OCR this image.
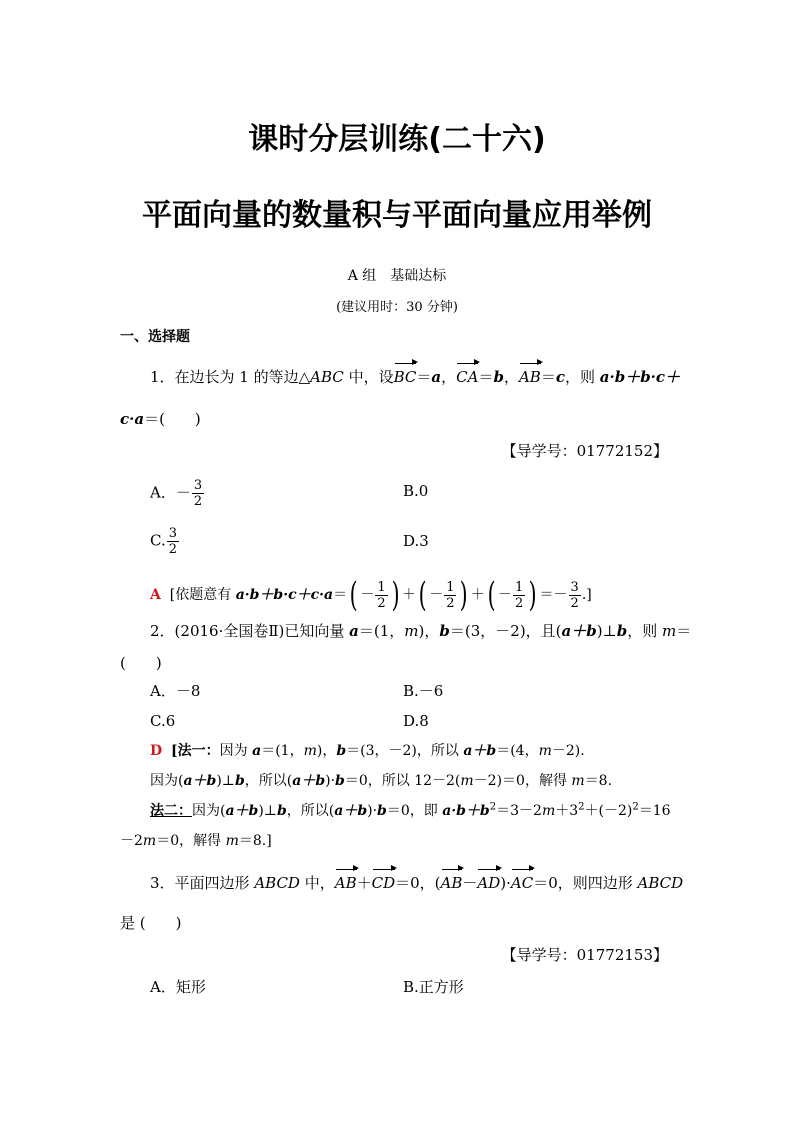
课时分层训练(二十六)
平面向量的数量积与平面向量应用举例
A 组　基础达标
(建议用时：30 分钟)
一、选择题
1．在边长为 1 的等边△ABC 中，设BC＝a，CA＝b，AB＝c，则 a·b＋b·c＋
c·a＝(　　)
【导学号：01772152】
A．－ $\frac{3}{2}$	B.0
C. $\frac{3}{2}$	D.3
A [依题意有 $a\cdot b+b\cdot c+c\cdot a=( - \frac{1}{2}$ ) ＋( － $\frac{1}{2}$ ) ＋( － $\frac{1}{2}$ ) ＝－ $\frac{3}{2}$ .]
2．(2016·全国卷Ⅱ)已知向量 a＝(1，m)，b＝(3，－2)，且(a＋b)⊥b，则 m＝
(　　)
A．－8	B.－6
C.6	D.8
D [法一：因为 a＝(1，m)，b＝(3，－2)，所以 a＋b＝(4，m－2).
因为(a＋b)⊥b，所以(a＋b)·b＝0，所以 12－2(m－2)＝0，解得 m＝8.
法二：因为(a＋b)⊥b，所以(a＋b)·b＝0，即 $a\cdot b+b^2=3-2m+3^2+(-2)^2=16$
－2m＝0，解得 m＝8.]
3．平面四边形 ABCD 中，AB＋CD＝0，(AB－AD)·AC＝0，则四边形 ABCD
是 (　　)
【导学号：01772153】
A．矩形	B.正方形
